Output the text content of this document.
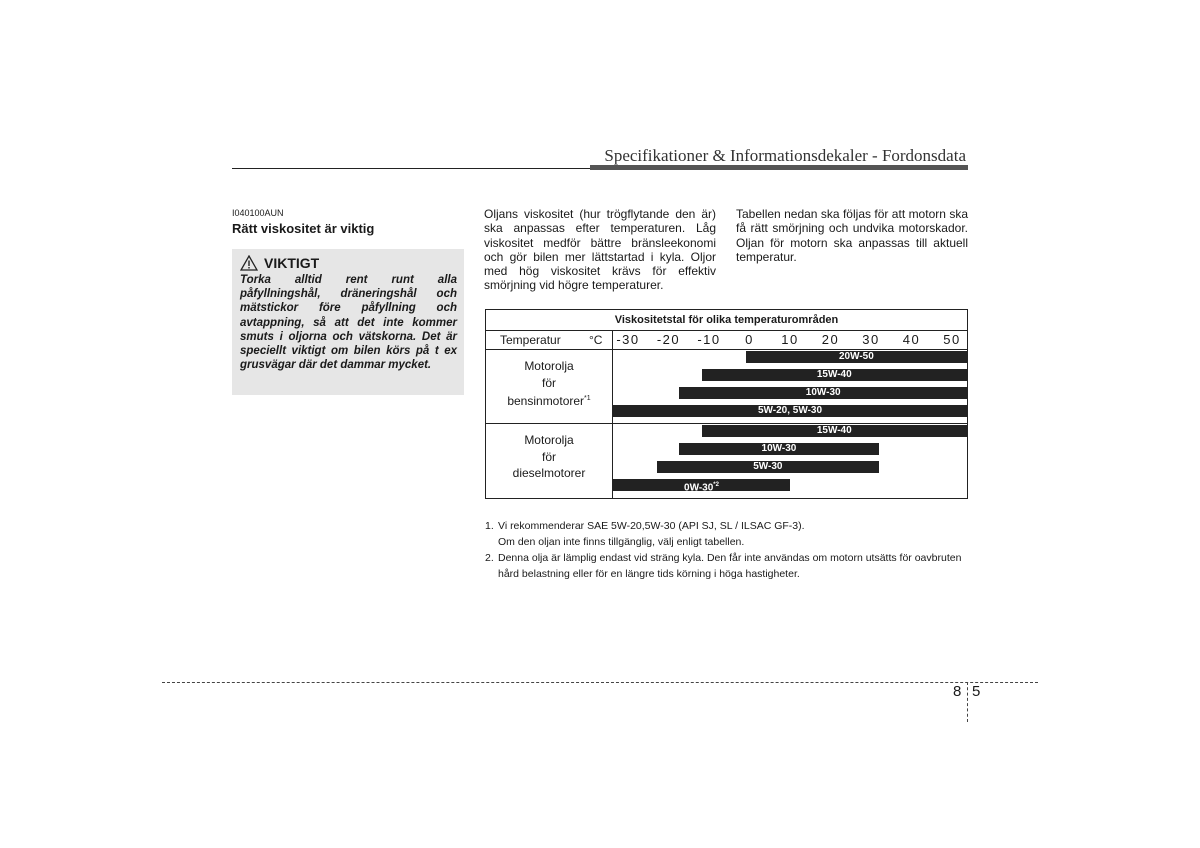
Specifikationer & Informationsdekaler - Fordonsdata
I040100AUN
Rätt viskositet är viktig
VIKTIGT

Torka alltid rent runt alla påfyllningshål, dräneringshål och mätstickor före påfyllning och avtappning, så att det inte kommer smuts i oljorna och vätskorna. Det är speciellt viktigt om bilen körs på t ex grusvägar där det dammar mycket.

Oljans viskositet (hur trögflytande den är) ska anpassas efter temperaturen. Låg viskositet medför bättre bränsleekonomi och gör bilen mer lättstartad i kyla. Oljor med hög viskositet krävs för effektiv smörjning vid högre temperaturer.

Tabellen nedan ska följas för att motorn ska få rätt smörjning och undvika motorskador. Oljan för motorn ska anpassas till aktuell temperatur.

Viskositetstal för olika temperaturområden
Temperatur °C -30 -20 -10 0 10 20 30 40 50
Motorolja
för
bensinmotorer$^{*1}$
20W-50
15W-40
10W-30
5W-20, 5W-30
Motorolja
för
dieselmotorer
15W-40
10W-30
5W-30
0W-30$^{*2}$
1. Vi rekommenderar SAE 5W-20,5W-30 (API SJ, SL / ILSAC GF-3).
Om den oljan inte finns tillgänglig, välj enligt tabellen.
2. Denna olja är lämplig endast vid sträng kyla. Den får inte användas om motorn utsätts för oavbruten hård belastning eller för en längre tids körning i höga hastigheter.
8 5
